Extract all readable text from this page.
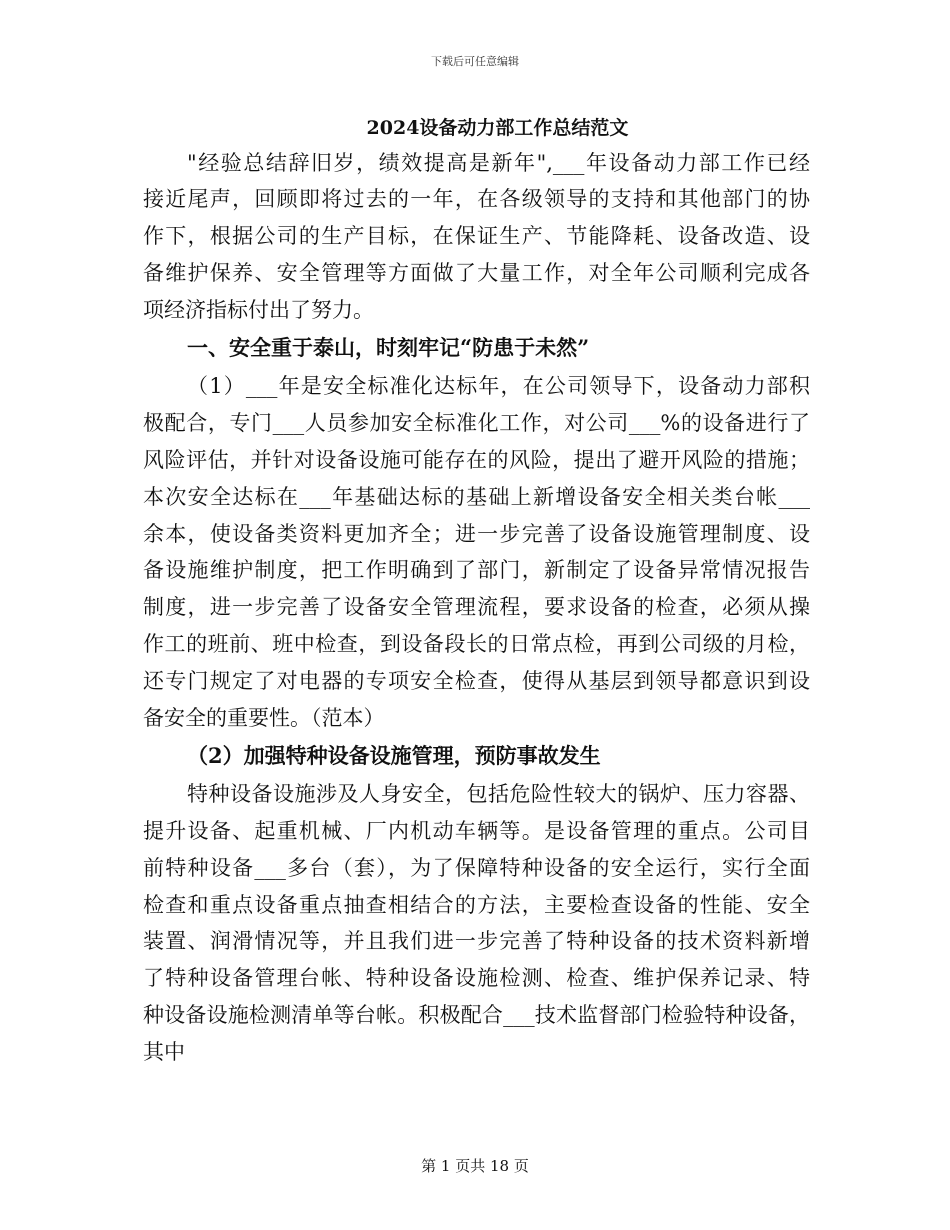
下载后可任意编辑
2024设备动力部工作总结范文
"经验总结辞旧岁，绩效提高是新年",___年设备动力部工作已经
接近尾声，回顾即将过去的一年，在各级领导的支持和其他部门的协
作下，根据公司的生产目标，在保证生产、节能降耗、设备改造、设
备维护保养、安全管理等方面做了大量工作，对全年公司顺利完成各
项经济指标付出了努力。
一、安全重于泰山，时刻牢记“防患于未然”
（1）___年是安全标准化达标年，在公司领导下，设备动力部积
极配合，专门___人员参加安全标准化工作，对公司___%的设备进行了
风险评估，并针对设备设施可能存在的风险，提出了避开风险的措施；
本次安全达标在___年基础达标的基础上新增设备安全相关类台帐___
余本，使设备类资料更加齐全；进一步完善了设备设施管理制度、设
备设施维护制度，把工作明确到了部门，新制定了设备异常情况报告
制度，进一步完善了设备安全管理流程，要求设备的检查，必须从操
作工的班前、班中检查，到设备段长的日常点检，再到公司级的月检，
还专门规定了对电器的专项安全检查，使得从基层到领导都意识到设
备安全的重要性。（范本）
（2）加强特种设备设施管理，预防事故发生
特种设备设施涉及人身安全，包括危险性较大的锅炉、压力容器、
提升设备、起重机械、厂内机动车辆等。是设备管理的重点。公司目
前特种设备___多台（套），为了保障特种设备的安全运行，实行全面
检查和重点设备重点抽查相结合的方法，主要检查设备的性能、安全
装置、润滑情况等，并且我们进一步完善了特种设备的技术资料新增
了特种设备管理台帐、特种设备设施检测、检查、维护保养记录、特
种设备设施检测清单等台帐。积极配合___技术监督部门检验特种设备，
其中
第 1 页共 18 页
